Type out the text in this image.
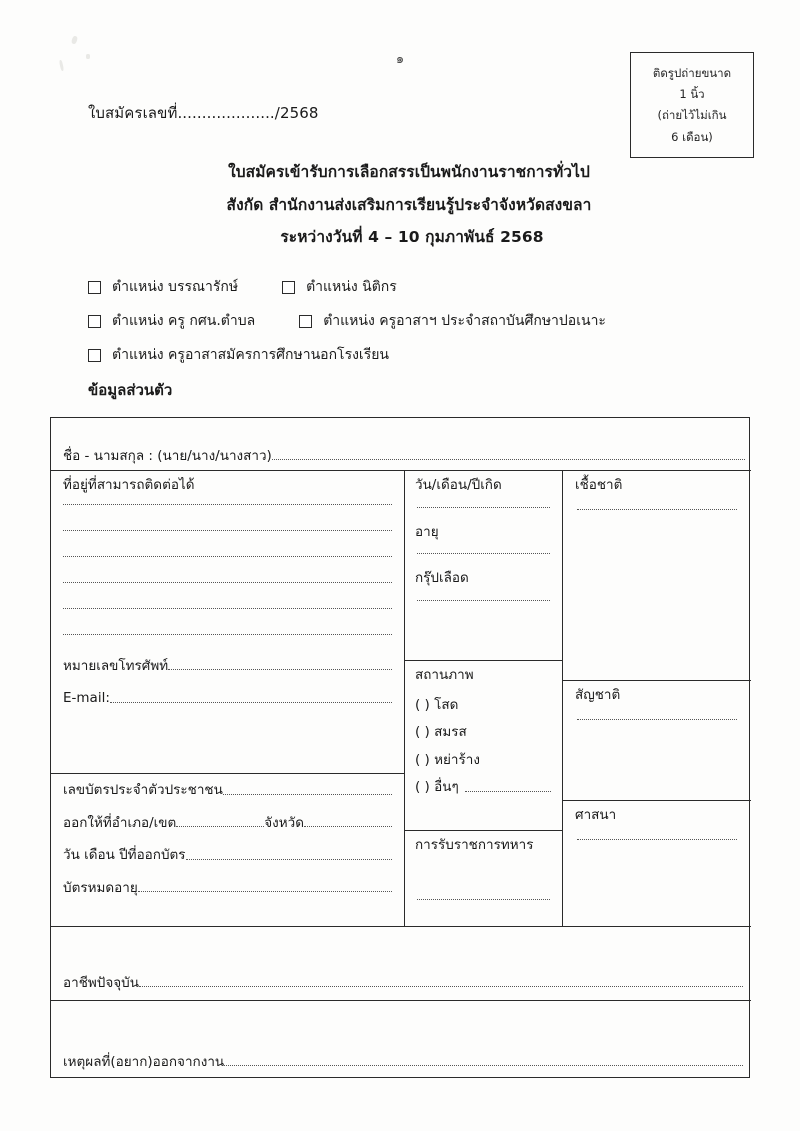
๑
ติดรูปถ่ายขนาด
1 นิ้ว
(ถ่ายไว้ไม่เกิน
6 เดือน)
ใบสมัครเลขที่..................../2568
ใบสมัครเข้ารับการเลือกสรรเป็นพนักงานราชการทั่วไป
สังกัด สำนักงานส่งเสริมการเรียนรู้ประจำจังหวัดสงขลา
ระหว่างวันที่ 4 – 10 กุมภาพันธ์ 2568
ตำแหน่ง บรรณารักษ์	ตำแหน่ง นิติกร
ตำแหน่ง ครู กศน.ตำบล	ตำแหน่ง ครูอาสาฯ ประจำสถาบันศึกษาปอเนาะ
ตำแหน่ง ครูอาสาสมัครการศึกษานอกโรงเรียน
ข้อมูลส่วนตัว
ชื่อ - นามสกุล : (นาย/นาง/นางสาว)
ที่อยู่ที่สามารถติดต่อได้
หมายเลขโทรศัพท์
E-mail:
เลขบัตรประจำตัวประชาชน
ออกให้ที่อำเภอ/เขต	จังหวัด
วัน เดือน ปีที่ออกบัตร
บัตรหมดอายุ
วัน/เดือน/ปีเกิด
อายุ
กรุ๊ปเลือด
สถานภาพ
( ) โสด
( ) สมรส
( ) หย่าร้าง
( ) อื่นๆ
การรับราชการทหาร
เชื้อชาติ
สัญชาติ
ศาสนา
อาชีพปัจจุบัน
เหตุผลที่(อยาก)ออกจากงาน
